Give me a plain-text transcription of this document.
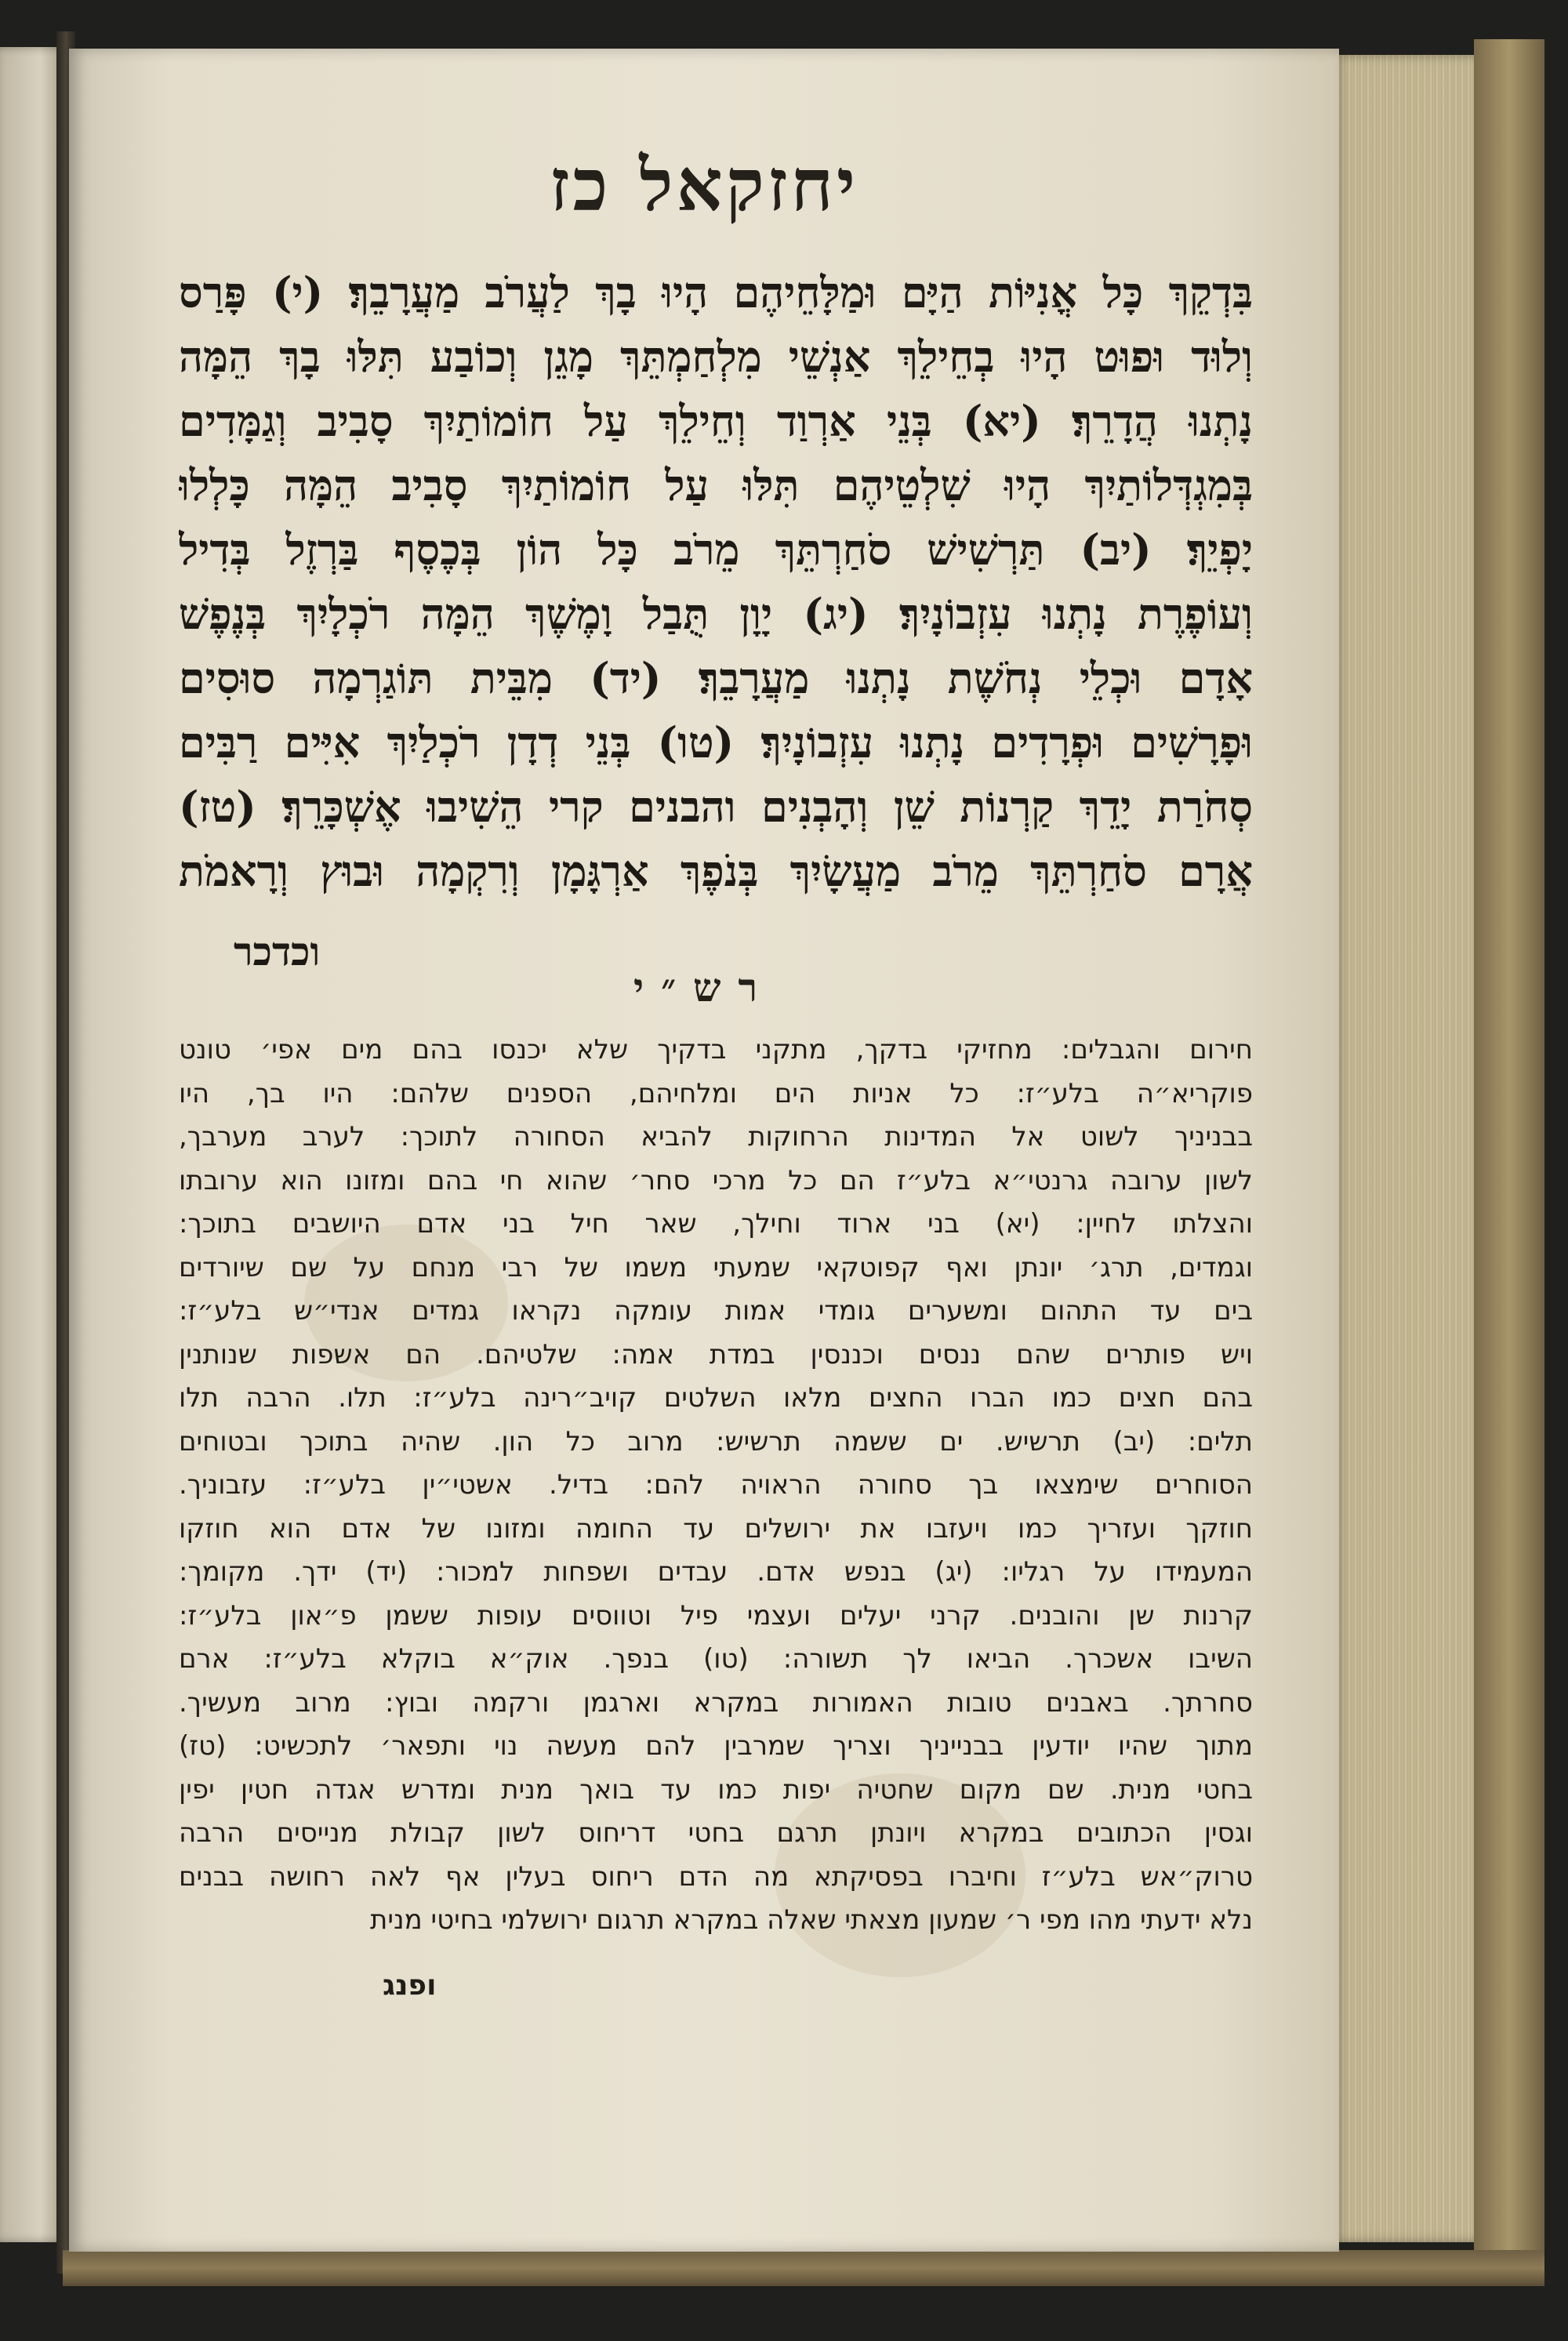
יחזקאל כז
בִּדְקֵךְ כָּל אֳנִיּוֹת הַיָּם וּמַלָּחֵיהֶם הָיוּ בָךְ לַעֲרֹב מַעֲרָבֵךְ׃ (י) פָּרַס
וְלוּד וּפוּט הָיוּ בְחֵילֵךְ אַנְשֵׁי מִלְחַמְתֵּךְ מָגֵן וְכוֹבַע תִּלּוּ בָךְ הֵמָּה
נָתְנוּ הֲדָרֵךְ׃ (יא) בְּנֵי אַרְוַד וְחֵילֵךְ עַל חוֹמוֹתַיִךְ סָבִיב וְגַמָּדִים
בְּמִגְדְּלוֹתַיִךְ הָיוּ שִׁלְטֵיהֶם תִּלּוּ עַל חוֹמוֹתַיִךְ סָבִיב הֵמָּה כָּלְלוּ
יָפְיֵךְ׃ (יב) תַּרְשִׁישׁ סֹחַרְתֵּךְ מֵרֹב כָּל הוֹן בְּכֶסֶף בַּרְזֶל בְּדִיל
וְעוֹפֶרֶת נָתְנוּ עִזְבוֹנָיִךְ׃ (יג) יָוָן תֻּבַל וָמֶשֶׁךְ הֵמָּה רֹכְלָיִךְ בְּנֶפֶשׁ
אָדָם וּכְלֵי נְחֹשֶׁת נָתְנוּ מַעֲרָבֵךְ׃ (יד) מִבֵּית תּוֹגַרְמָה סוּסִים
וּפָרָשִׁים וּפְרָדִים נָתְנוּ עִזְבוֹנָיִךְ׃ (טו) בְּנֵי דְדָן רֹכְלַיִךְ אִיִּים רַבִּים
סְחֹרַת יָדֵךְ קַרְנוֹת שֵׁן וְהָבְנִים והבנים קרי הֵשִׁיבוּ אֶשְׁכָּרֵךְ׃ (טז)
אֲרָם סֹחַרְתֵּךְ מֵרֹב מַעֲשָׂיִךְ בְּנֹפֶךְ אַרְגָּמָן וְרִקְמָה וּבוּץ וְרָאמֹת
וכדכר
רש״י
חירום והגבלים: מחזיקי בדקך, מתקני בדקיך שלא יכנסו בהם מים אפי׳ טונט
פוקריא״ה בלע״ז: כל אניות הים ומלחיהם, הספנים שלהם: היו בך, היו
בבניניך לשוט אל המדינות הרחוקות להביא הסחורה לתוכך: לערב מערבך,
לשון ערובה גרנטי״א בלע״ז הם כל מרכי סחר׳ שהוא חי בהם ומזונו הוא ערובתו
והצלתו לחיין: (יא) בני ארוד וחילך, שאר חיל בני אדם היושבים בתוכך:
וגמדים, תרג׳ יונתן ואף קפוטקאי שמעתי משמו של רבי מנחם על שם שיורדים
בים עד התהום ומשערים גומדי אמות עומקה נקראו גמדים אנדי״ש בלע״ז:
ויש פותרים שהם ננסים וכננסין במדת אמה: שלטיהם. הם אשפות שנותנין
בהם חצים כמו הברו החצים מלאו השלטים קויב״רינה בלע״ז: תלו. הרבה תלו
תלים: (יב) תרשיש. ים ששמה תרשיש: מרוב כל הון. שהיה בתוכך ובטוחים
הסוחרים שימצאו בך סחורה הראויה להם: בדיל. אשטי״ין בלע״ז: עזבוניך.
חוזקך ועזריך כמו ויעזבו את ירושלים עד החומה ומזונו של אדם הוא חוזקו
המעמידו על רגליו: (יג) בנפש אדם. עבדים ושפחות למכור: (יד) ידך. מקומך:
קרנות שן והובנים. קרני יעלים ועצמי פיל וטווסים עופות ששמן פ״און בלע״ז:
השיבו אשכרך. הביאו לך תשורה: (טו) בנפך. אוק״א בוקלא בלע״ז: ארם
סחרתך. באבנים טובות האמורות במקרא וארגמן ורקמה ובוץ: מרוב מעשיך.
מתוך שהיו יודעין בבנייניך וצריך שמרבין להם מעשה נוי ותפאר׳ לתכשיט: (טז)
בחטי מנית. שם מקום שחטיה יפות כמו עד בואך מנית ומדרש אגדה חטין יפין
וגסין הכתובים במקרא ויונתן תרגם בחטי דריחוס לשון קבולת מנייסים הרבה
טרוק״אש בלע״ז וחיברו בפסיקתא מה הדם ריחוס בעלין אף לאה רחושה בבנים
נלא ידעתי מהו מפי ר׳ שמעון מצאתי שאלה במקרא תרגום ירושלמי בחיטי מנית
ופנג
